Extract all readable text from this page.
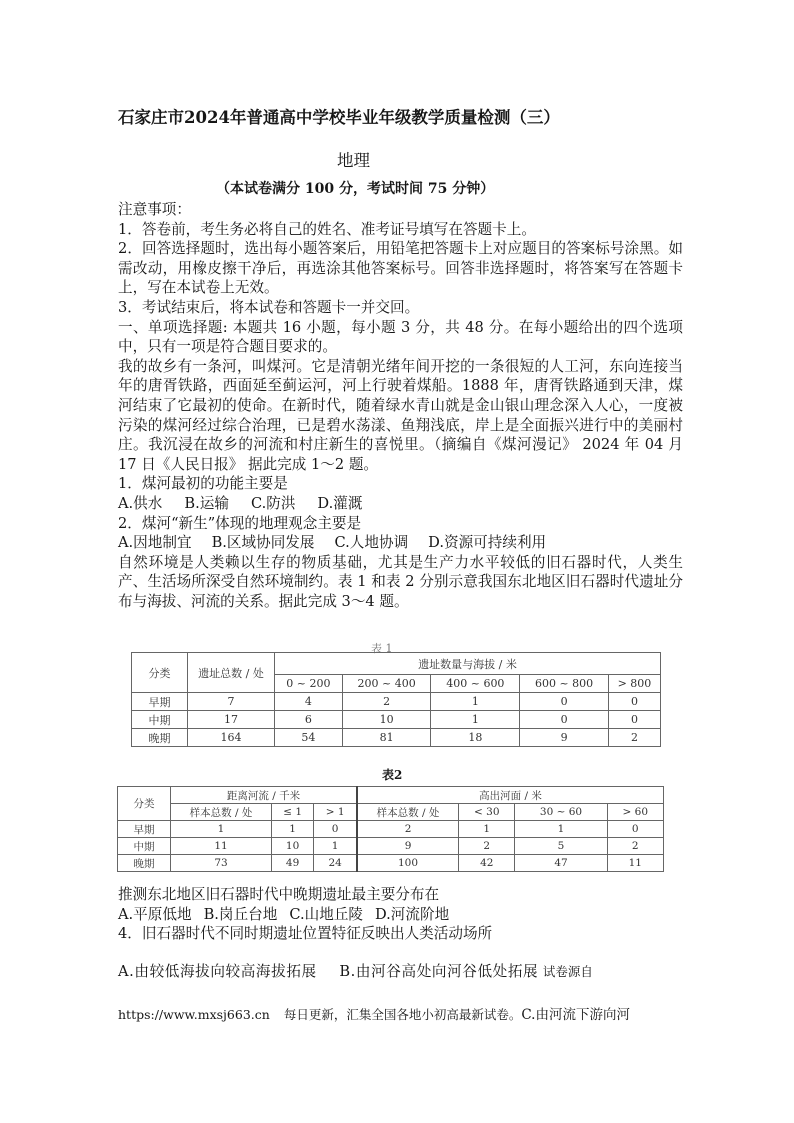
石家庄市2024年普通高中学校毕业年级教学质量检测（三）
地理
（本试卷满分 100 分，考试时间 75 分钟）

注意事项：

1．答卷前，考生务必将自己的姓名、准考证号填写在答题卡上。

2．回答选择题时，选出每小题答案后，用铅笔把答题卡上对应题目的答案标号涂黑。如需改动，用橡皮擦干净后，再选涂其他答案标号。回答非选择题时，将答案写在答题卡上，写在本试卷上无效。

3．考试结束后，将本试卷和答题卡一并交回。

一、单项选择题: 本题共 16 小题，每小题 3 分，共 48 分。在每小题给出的四个选项中，只有一项是符合题目要求的。

我的故乡有一条河，叫煤河。它是清朝光绪年间开挖的一条很短的人工河，东向连接当年的唐胥铁路，西面延至蓟运河，河上行驶着煤船。1888 年，唐胥铁路通到天津，煤河结束了它最初的使命。在新时代，随着绿水青山就是金山银山理念深入人心，一度被污染的煤河经过综合治理，已是碧水荡漾、鱼翔浅底，岸上是全面振兴进行中的美丽村庄。我沉浸在故乡的河流和村庄新生的喜悦里。（摘编自《煤河漫记》 2024 年 04 月 17 日《人民日报》 据此完成 1～2 题。

1．煤河最初的功能主要是

A.供水 B.运输 C.防洪 D.灌溉

2．煤河“新生”体现的地理观念主要是

A.因地制宜 B.区域协同发展 C.人地协调 D.资源可持续利用

自然环境是人类赖以生存的物质基础，尤其是生产力水平较低的旧石器时代，人类生产、生活场所深受自然环境制约。表 1 和表 2 分别示意我国东北地区旧石器时代遗址分布与海拔、河流的关系。据此完成 3～4 题。

表 1
分类	遗址总数 / 处	遗址数量与海拔 / 米				
		0 ~ 200	200 ~ 400	400 ~ 600	600 ~ 800	> 800
早期	7	4	2	1	0	0
中期	17	6	10	1	0	0
晚期	164	54	81	18	9	2
表2
分类	距离河流 / 千米			高出河面 / 米			
	样本总数 / 处	≤ 1	> 1	样本总数 / 处	< 30	30 ~ 60	> 60
早期	1	1	0	2	1	1	0
中期	11	10	1	9	2	5	2
晚期	73	49	24	100	42	47	11

推测东北地区旧石器时代中晚期遗址最主要分布在

A.平原低地 B.岗丘台地 C.山地丘陵 D.河流阶地

4．旧石器时代不同时期遗址位置特征反映出人类活动场所

A.由较低海拔向较高海拔拓展 B.由河谷高处向河谷低处拓展 试卷源自
https://www.mxsj663.cn 每日更新，汇集全国各地小初高最新试卷。C.由河流下游向河
